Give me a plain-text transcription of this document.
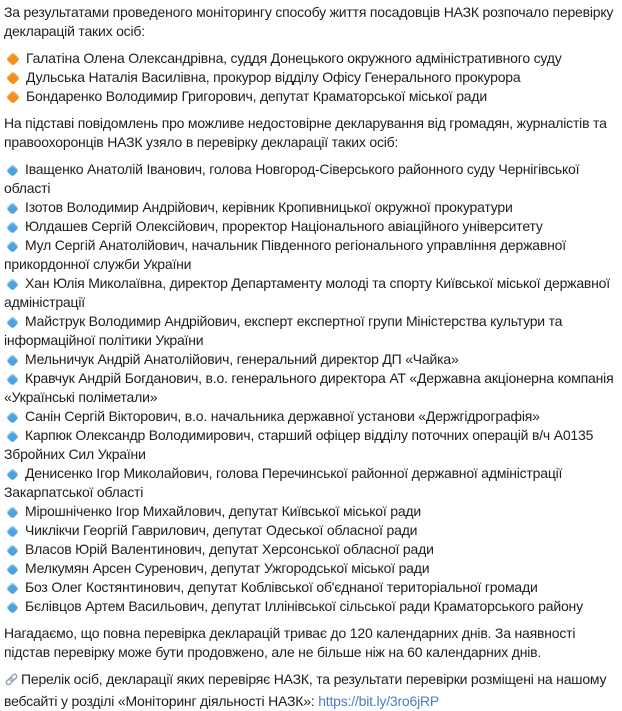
За результатами проведеного моніторингу способу життя посадовців НАЗК розпочало перевірку декларацій таких осіб:

Галатіна Олена Олександрівна, суддя Донецького окружного адміністративного суду
Дульська Наталія Василівна, прокурор відділу Офісу Генерального прокурора
Бондаренко Володимир Григорович, депутат Краматорської міської ради

На підставі повідомлень про можливе недостовірне декларування від громадян, журналістів та правоохоронців НАЗК узяло в перевірку декларації таких осіб:

Іващенко Анатолій Іванович, голова Новгород-Сіверського районного суду Чернігівської області
Ізотов Володимир Андрійович, керівник Кропивницької окружної прокуратури
Юлдашев Сергій Олексійович, проректор Національного авіаційного університету
Мул Сергій Анатолійович, начальник Південного регіонального управління державної прикордонної служби України
Хан Юлія Миколаївна, директор Департаменту молоді та спорту Київської міської державної адміністрації
Майструк Володимир Андрійович, експерт експертної групи Міністерства культури та інформаційної політики України
Мельничук Андрій Анатолійович, генеральний директор ДП «Чайка»
Кравчук Андрій Богданович, в.о. генерального директора АТ «Державна акціонерна компанія «Українські поліметали»
Санін Сергій Вікторович, в.о. начальника державної установи «Держгідрографія»
Карпюк Олександр Володимирович, старший офіцер відділу поточних операцій в/ч А0135 Збройних Сил України
Денисенко Ігор Миколайович, голова Перечинської районної державної адміністрації Закарпатської області
Мірошніченко Ігор Михайлович, депутат Київської міської ради
Чиклікчи Георгій Гаврилович, депутат Одеської обласної ради
Власов Юрій Валентинович, депутат Херсонської обласної ради
Мелкумян Арсен Суренович, депутат Ужгородської міської ради
Боз Олег Костянтинович, депутат Коблівської об'єднаної територіальної громади
Бєлівцов Артем Васильович, депутат Іллінівської сільської ради Краматорського району

Нагадаємо, що повна перевірка декларацій триває до 120 календарних днів. За наявності підстав перевірку може бути продовжено, але не більше ніж на 60 календарних днів.

Перелік осіб, декларації яких перевіряє НАЗК, та результати перевірки розміщені на нашому вебсайті у розділі «Моніторинг діяльності НАЗК»: https://bit.ly/3ro6jRP
